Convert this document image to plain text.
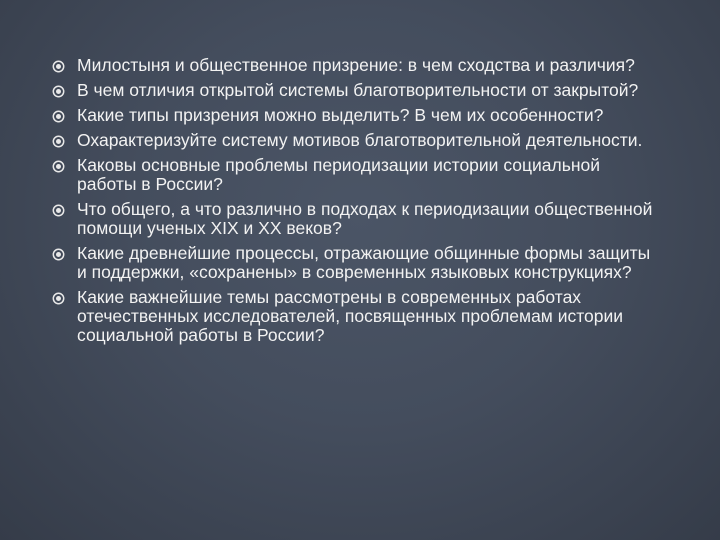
Милостыня и общественное призрение: в чем сходства и различия?
В чем отличия открытой системы благотворительности от закрытой?
Какие типы призрения можно выделить? В чем их особенности?
Охарактеризуйте систему мотивов благотворительной деятельности.
Каковы основные проблемы периодизации истории социальной работы в России?
Что общего, а что различно в подходах к периодизации общественной помощи ученых XIX и XX веков?
Какие древнейшие процессы, отражающие общинные формы защиты и поддержки, «сохранены» в современных языковых конструкциях?
Какие важнейшие темы рассмотрены в современных работах отечественных исследователей, посвященных проблемам истории социальной работы в России?
